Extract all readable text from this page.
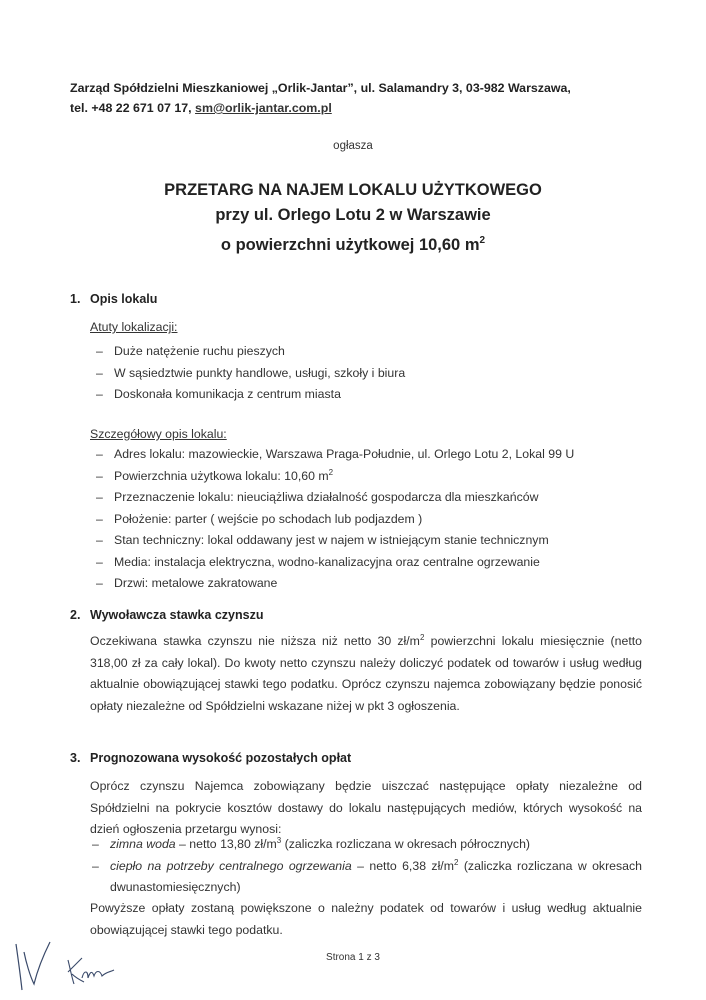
Zarząd Spółdzielni Mieszkaniowej „Orlik-Jantar”, ul. Salamandry 3, 03-982 Warszawa,
tel. +48 22 671 07 17, sm@orlik-jantar.com.pl
ogłasza
PRZETARG NA NAJEM LOKALU UŻYTKOWEGO
przy ul. Orlego Lotu 2 w Warszawie
o powierzchni użytkowej 10,60 $m^2$
1. Opis lokalu
Atuty lokalizacji:
– Duże natężenie ruchu pieszych
– W sąsiedztwie punkty handlowe, usługi, szkoły i biura
– Doskonała komunikacja z centrum miasta
Szczegółowy opis lokalu:
– Adres lokalu: mazowieckie, Warszawa Praga-Południe, ul. Orlego Lotu 2, Lokal 99 U
– Powierzchnia użytkowa lokalu: 10,60 $m^2$
– Przeznaczenie lokalu: nieuciążliwa działalność gospodarcza dla mieszkańców
– Położenie: parter ( wejście po schodach lub podjazdem )
– Stan techniczny: lokal oddawany jest w najem w istniejącym stanie technicznym
– Media: instalacja elektryczna, wodno-kanalizacyjna oraz centralne ogrzewanie
– Drzwi: metalowe zakratowane
2. Wywoławcza stawka czynszu

Oczekiwana stawka czynszu nie niższa niż netto 30 $zł/m^2$ powierzchni lokalu miesięcznie (netto 318,00 zł za cały lokal). Do kwoty netto czynszu należy doliczyć podatek od towarów i usług według aktualnie obowiązującej stawki tego podatku. Oprócz czynszu najemca zobowiązany będzie ponosić opłaty niezależne od Spółdzielni wskazane niżej w pkt 3 ogłoszenia.

3. Prognozowana wysokość pozostałych opłat

Oprócz czynszu Najemca zobowiązany będzie uiszczać następujące opłaty niezależne od Spółdzielni na pokrycie kosztów dostawy do lokalu następujących mediów, których wysokość na dzień ogłoszenia przetargu wynosi:

– zimna woda – netto 13,80 $zł/m^3$ (zaliczka rozliczana w okresach półrocznych)
– ciepło na potrzeby centralnego ogrzewania – netto 6,38 $zł/m^2$ (zaliczka rozliczana w okresach dwunastomiesięcznych)

Powyższe opłaty zostaną powiększone o należny podatek od towarów i usług według aktualnie obowiązującej stawki tego podatku.

Strona 1 z 3
